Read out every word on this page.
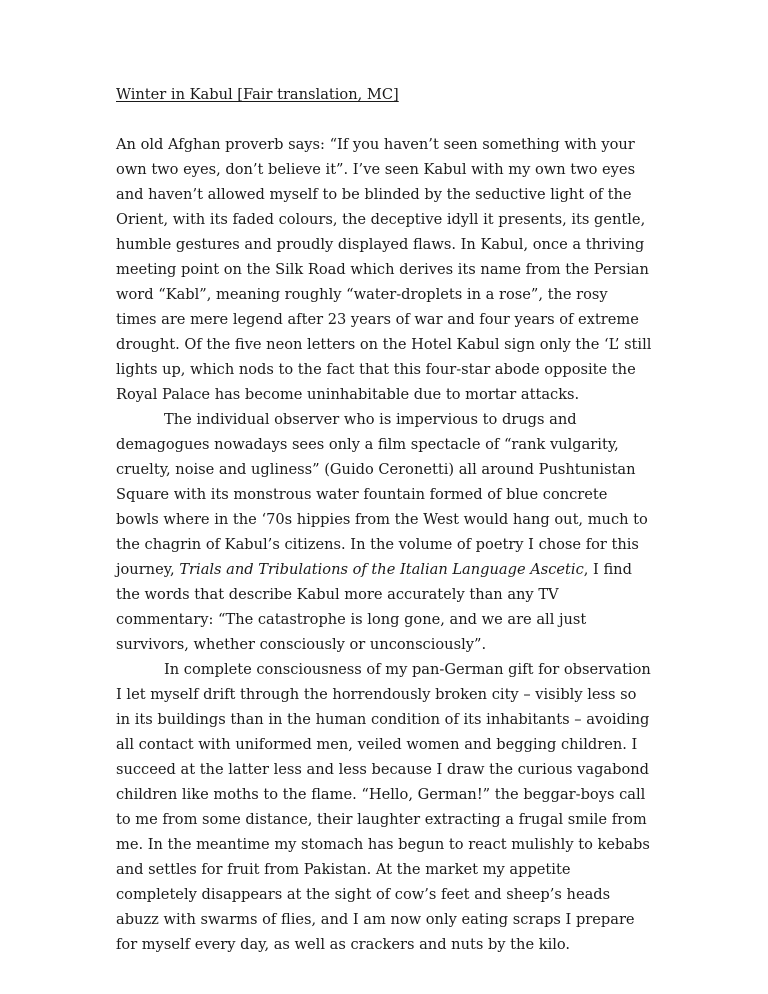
Winter in Kabul [Fair translation, MC]

An old Afghan proverb says: “If you haven’t seen something with your own two eyes, don’t believe it”. I’ve seen Kabul with my own two eyes and haven’t allowed myself to be blinded by the seductive light of the Orient, with its faded colours, the deceptive idyll it presents, its gentle, humble gestures and proudly displayed flaws. In Kabul, once a thriving meeting point on the Silk Road which derives its name from the Persian word “Kabl”, meaning roughly “water-droplets in a rose”, the rosy times are mere legend after 23 years of war and four years of extreme drought. Of the five neon letters on the Hotel Kabul sign only the ‘L’ still lights up, which nods to the fact that this four-star abode opposite the Royal Palace has become uninhabitable due to mortar attacks.

The individual observer who is impervious to drugs and demagogues nowadays sees only a film spectacle of “rank vulgarity, cruelty, noise and ugliness” (Guido Ceronetti) all around Pushtunistan Square with its monstrous water fountain formed of blue concrete bowls where in the ‘70s hippies from the West would hang out, much to the chagrin of Kabul’s citizens. In the volume of poetry I chose for this journey, Trials and Tribulations of the Italian Language Ascetic, I find the words that describe Kabul more accurately than any TV commentary: “The catastrophe is long gone, and we are all just survivors, whether consciously or unconsciously”.

In complete consciousness of my pan-German gift for observation I let myself drift through the horrendously broken city – visibly less so in its buildings than in the human condition of its inhabitants – avoiding all contact with uniformed men, veiled women and begging children. I succeed at the latter less and less because I draw the curious vagabond children like moths to the flame. “Hello, German!” the beggar-boys call to me from some distance, their laughter extracting a frugal smile from me. In the meantime my stomach has begun to react mulishly to kebabs and settles for fruit from Pakistan. At the market my appetite completely disappears at the sight of cow’s feet and sheep’s heads abuzz with swarms of flies, and I am now only eating scraps I prepare for myself every day, as well as crackers and nuts by the kilo.
